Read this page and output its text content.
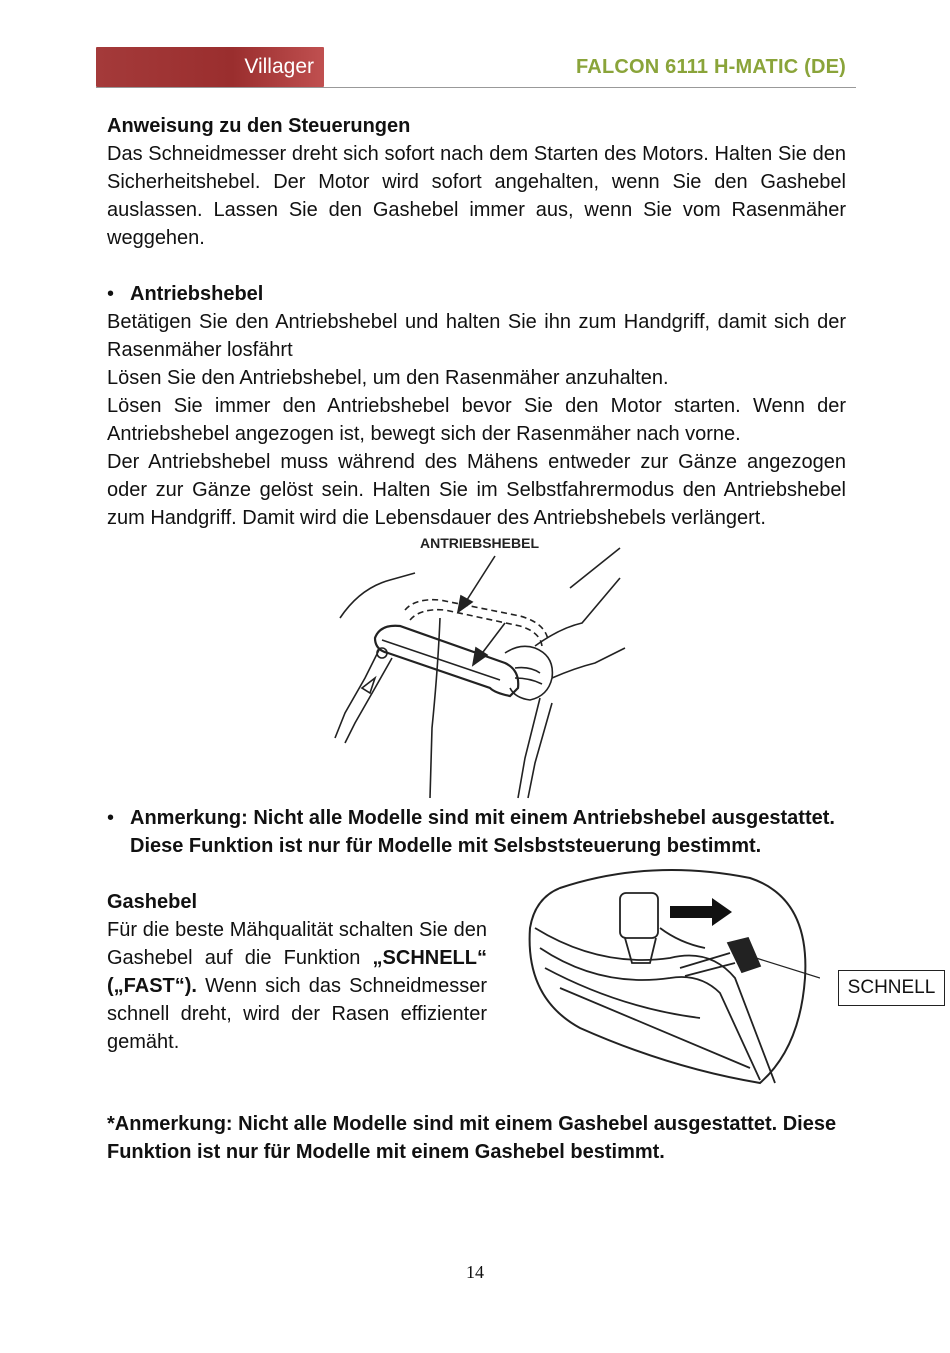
Villager	FALCON 6111 H-MATIC (DE)
Anweisung zu den Steuerungen
Das Schneidmesser dreht sich sofort nach dem Starten des Motors. Halten Sie den Sicherheitshebel. Der Motor wird sofort angehalten, wenn Sie den Gashebel auslassen. Lassen Sie den Gashebel immer aus, wenn Sie vom Rasenmäher weggehen.
•
Antriebshebel
Betätigen Sie den Antriebshebel und halten Sie ihn zum Handgriff, damit sich der Rasenmäher losfährt
Lösen Sie den Antriebshebel, um den Rasenmäher anzuhalten.
Lösen Sie immer den Antriebshebel bevor Sie den Motor starten. Wenn der Antriebshebel angezogen ist, bewegt sich der Rasenmäher nach vorne.
Der Antriebshebel muss während des Mähens entweder zur Gänze angezogen oder zur Gänze gelöst sein. Halten Sie im Selbstfahrermodus den Antriebshebel zum Handgriff. Damit wird die Lebensdauer des Antriebshebels verlängert.
ANTRIEBSHEBEL
•
Anmerkung: Nicht alle Modelle sind mit einem Antriebshebel ausgestattet. Diese Funktion ist nur für Modelle mit Selsbststeuerung bestimmt.
Gashebel
Für die beste Mähqualität schalten Sie den Gashebel auf die Funktion „SCHNELL“ („FAST“). Wenn sich das Schneidmesser schnell dreht, wird der Rasen effizienter gemäht.
SCHNELL
*Anmerkung: Nicht alle Modelle sind mit einem Gashebel ausgestattet. Diese Funktion ist nur für Modelle mit einem Gashebel bestimmt.
14
